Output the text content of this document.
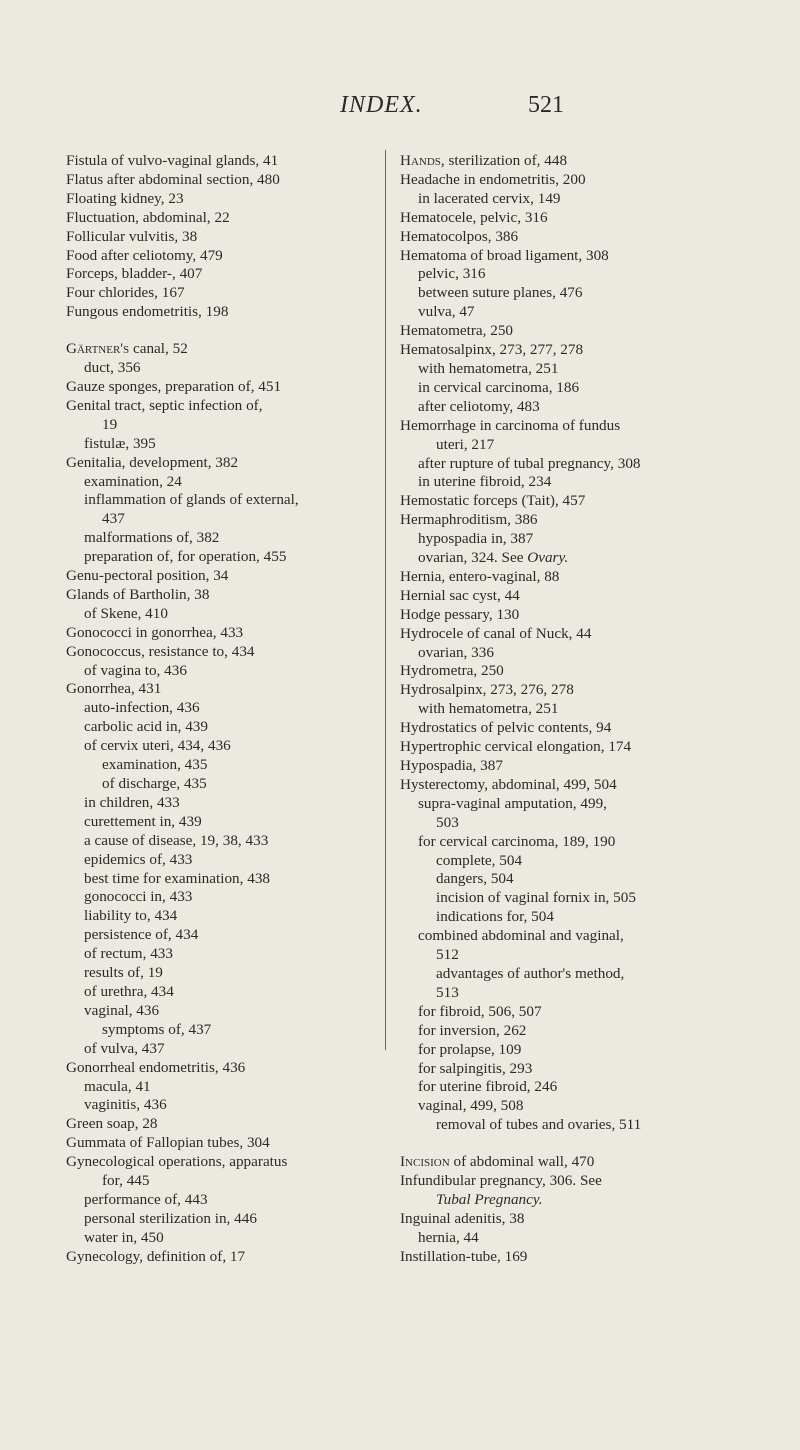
INDEX.	521
Fistula of vulvo-vaginal glands, 41
Flatus after abdominal section, 480
Floating kidney, 23
Fluctuation, abdominal, 22
Follicular vulvitis, 38
Food after celiotomy, 479
Forceps, bladder-, 407
Four chlorides, 167
Fungous endometritis, 198
Gärtner's canal, 52
duct, 356
Gauze sponges, preparation of, 451
Genital tract, septic infection of,
19
fistulæ, 395
Genitalia, development, 382
examination, 24
inflammation of glands of external,
437
malformations of, 382
preparation of, for operation, 455
Genu-pectoral position, 34
Glands of Bartholin, 38
of Skene, 410
Gonococci in gonorrhea, 433
Gonococcus, resistance to, 434
of vagina to, 436
Gonorrhea, 431
auto-infection, 436
carbolic acid in, 439
of cervix uteri, 434, 436
examination, 435
of discharge, 435
in children, 433
curettement in, 439
a cause of disease, 19, 38, 433
epidemics of, 433
best time for examination, 438
gonococci in, 433
liability to, 434
persistence of, 434
of rectum, 433
results of, 19
of urethra, 434
vaginal, 436
symptoms of, 437
of vulva, 437
Gonorrheal endometritis, 436
macula, 41
vaginitis, 436
Green soap, 28
Gummata of Fallopian tubes, 304
Gynecological operations, apparatus
for, 445
performance of, 443
personal sterilization in, 446
water in, 450
Gynecology, definition of, 17
Hands, sterilization of, 448
Headache in endometritis, 200
in lacerated cervix, 149
Hematocele, pelvic, 316
Hematocolpos, 386
Hematoma of broad ligament, 308
pelvic, 316
between suture planes, 476
vulva, 47
Hematometra, 250
Hematosalpinx, 273, 277, 278
with hematometra, 251
in cervical carcinoma, 186
after celiotomy, 483
Hemorrhage in carcinoma of fundus
uteri, 217
after rupture of tubal pregnancy, 308
in uterine fibroid, 234
Hemostatic forceps (Tait), 457
Hermaphroditism, 386
hypospadia in, 387
ovarian, 324. See Ovary.
Hernia, entero-vaginal, 88
Hernial sac cyst, 44
Hodge pessary, 130
Hydrocele of canal of Nuck, 44
ovarian, 336
Hydrometra, 250
Hydrosalpinx, 273, 276, 278
with hematometra, 251
Hydrostatics of pelvic contents, 94
Hypertrophic cervical elongation, 174
Hypospadia, 387
Hysterectomy, abdominal, 499, 504
supra-vaginal amputation, 499,
503
for cervical carcinoma, 189, 190
complete, 504
dangers, 504
incision of vaginal fornix in, 505
indications for, 504
combined abdominal and vaginal,
512
advantages of author's method,
513
for fibroid, 506, 507
for inversion, 262
for prolapse, 109
for salpingitis, 293
for uterine fibroid, 246
vaginal, 499, 508
removal of tubes and ovaries, 511
Incision of abdominal wall, 470
Infundibular pregnancy, 306. See
Tubal Pregnancy.
Inguinal adenitis, 38
hernia, 44
Instillation-tube, 169
